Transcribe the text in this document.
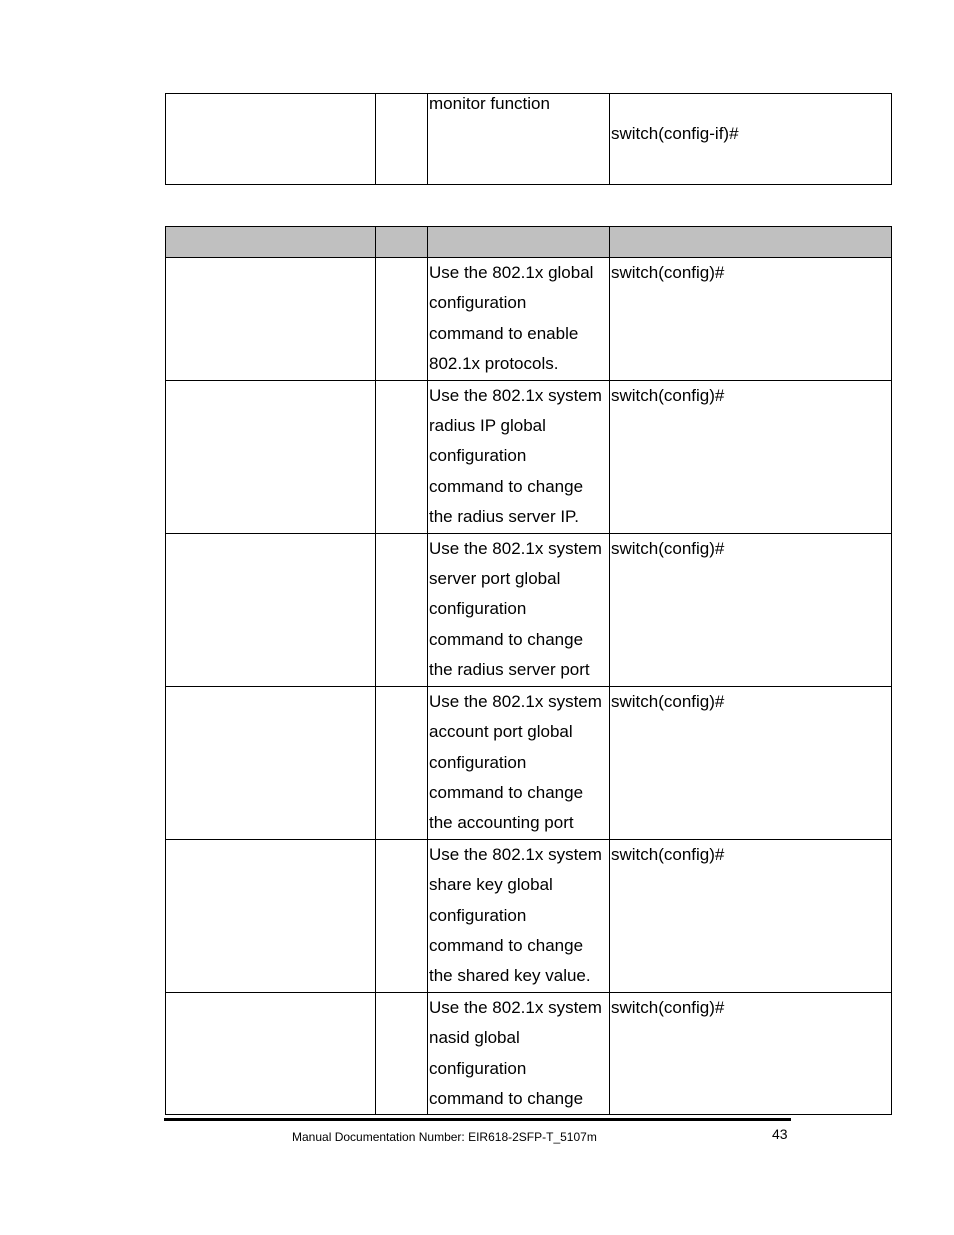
		monitor function	switch(config-if)#

		Use the 802.1x global
configuration
command to enable
802.1x protocols.	switch(config)#

		Use the 802.1x system
radius IP global
configuration
command to change
the radius server IP.	switch(config)#

		Use the 802.1x system
server port global
configuration
command to change
the radius server port	switch(config)#

		Use the 802.1x system
account port global
configuration
command to change
the accounting port	switch(config)#

		Use the 802.1x system
share key global
configuration
command to change
the shared key value.	switch(config)#

		Use the 802.1x system
nasid global
configuration
command to change	switch(config)#
Manual Documentation Number: EIR618-2SFP-T_5107m	43
